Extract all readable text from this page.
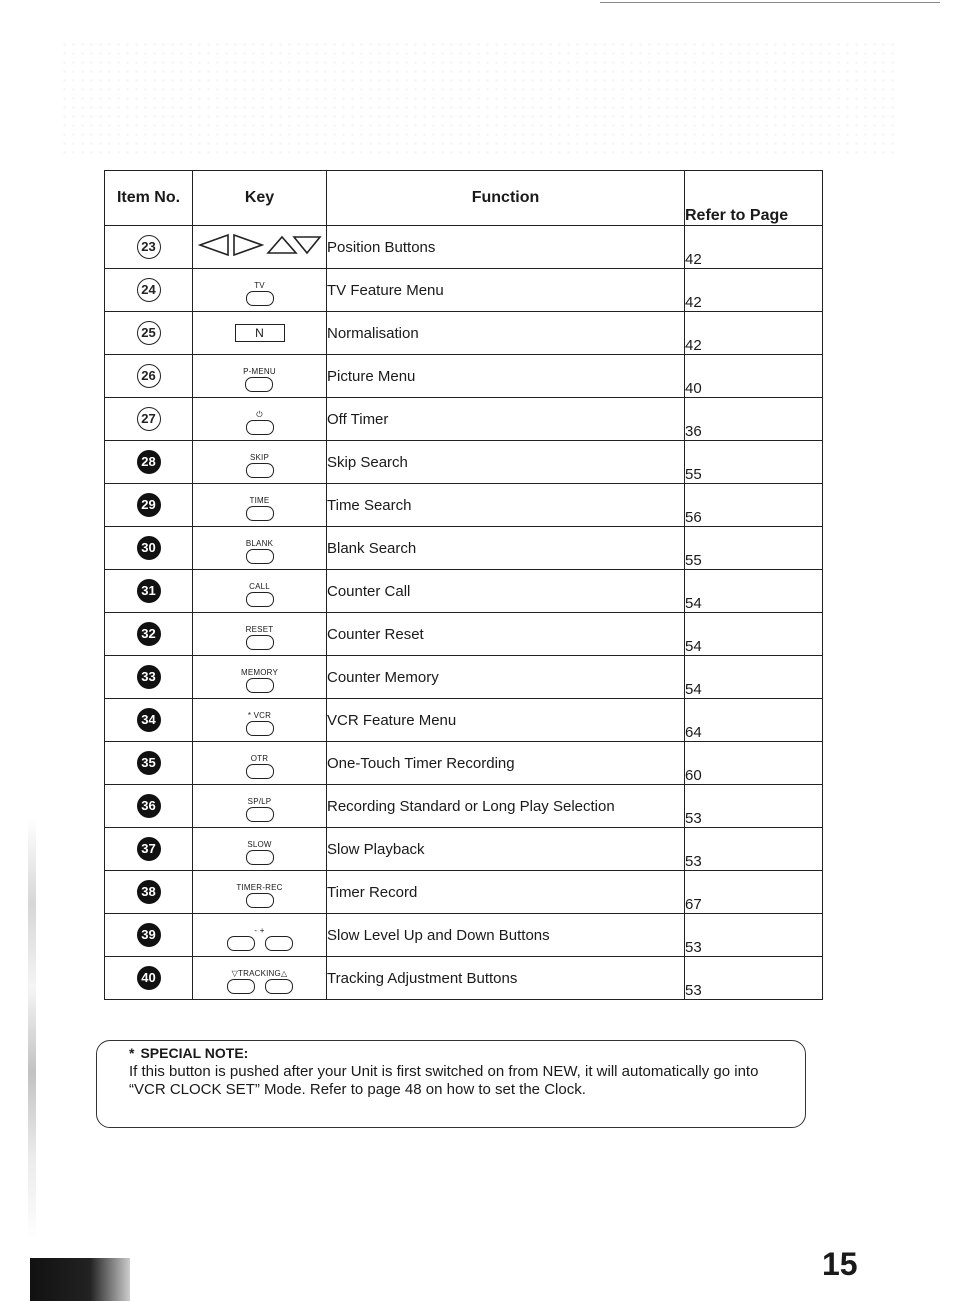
Item No.	Key	Function	Refer to Page
23		Position Buttons	42
24	TV	TV Feature Menu	42
25	N	Normalisation	42
26	P-MENU	Picture Menu	40
27	⏻	Off Timer	36
28	SKIP	Skip Search	55
29	TIME	Time Search	56
30	BLANK	Blank Search	55
31	CALL	Counter Call	54
32	RESET	Counter Reset	54
33	MEMORY	Counter Memory	54
34	* VCR	VCR Feature Menu	64
35	OTR	One-Touch Timer Recording	60
36	SP/LP	Recording Standard or Long Play Selection	53
37	SLOW	Slow Playback	53
38	TIMER-REC	Timer Record	67
39	- +	Slow Level Up and Down Buttons	53
40	▽TRACKING△	Tracking Adjustment Buttons	53
* SPECIAL NOTE:
If this button is pushed after your Unit is first switched on from NEW, it will automatically go into “VCR CLOCK SET” Mode. Refer to page 48 on how to set the Clock.
15
